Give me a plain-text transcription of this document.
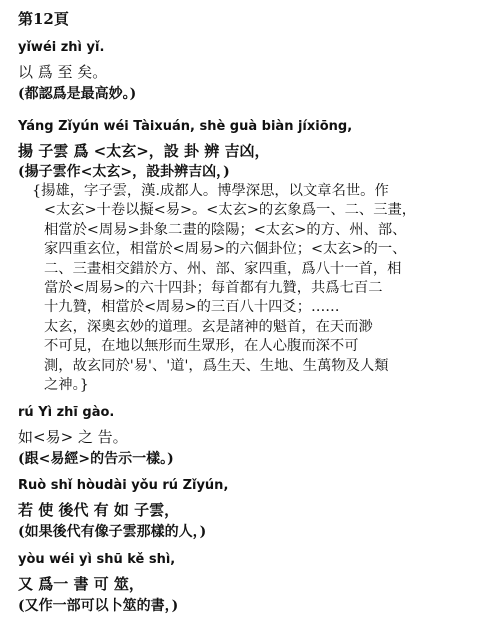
第12頁
yǐwéi zhì yǐ.
以 爲 至 矣。
(都認爲是最高妙。)
Yáng Zǐyún wéi Tàixuán, shè guà biàn jíxiōng,
揚 子雲 爲 <太玄>，設 卦 辨 吉凶，
(揚子雲作<太玄>，設卦辨吉凶，)
{揚雄，字子雲，漢.成都人。博學深思，以文章名世。作
<太玄>十卷以擬<易>。<太玄>的玄象爲一、二、三畫，
相當於<周易>卦象二畫的陰陽；<太玄>的方、州、部、
家四重玄位，相當於<周易>的六個卦位；<太玄>的一、
二、三畫相交錯於方、州、部、家四重，爲八十一首，相
當於<周易>的六十四卦；每首都有九贊，共爲七百二
十九贊，相當於<周易>的三百八十四爻；……
太玄，深奧玄妙的道理。玄是諸神的魁首，在天而渺
不可見，在地以無形而生眾形，在人心腹而深不可
測，故玄同於'易'、'道'，爲生天、生地、生萬物及人類
之神。}
rú Yì zhī gào.
如<易> 之 告。
(跟<易經>的告示一樣。)
Ruò shǐ hòudài yǒu rú Zǐyún,
若 使 後代 有 如 子雲，
(如果後代有像子雲那樣的人，)
yòu wéi yì shū kě shì,
又 爲一 書 可 筮，
(又作一部可以卜筮的書，)
